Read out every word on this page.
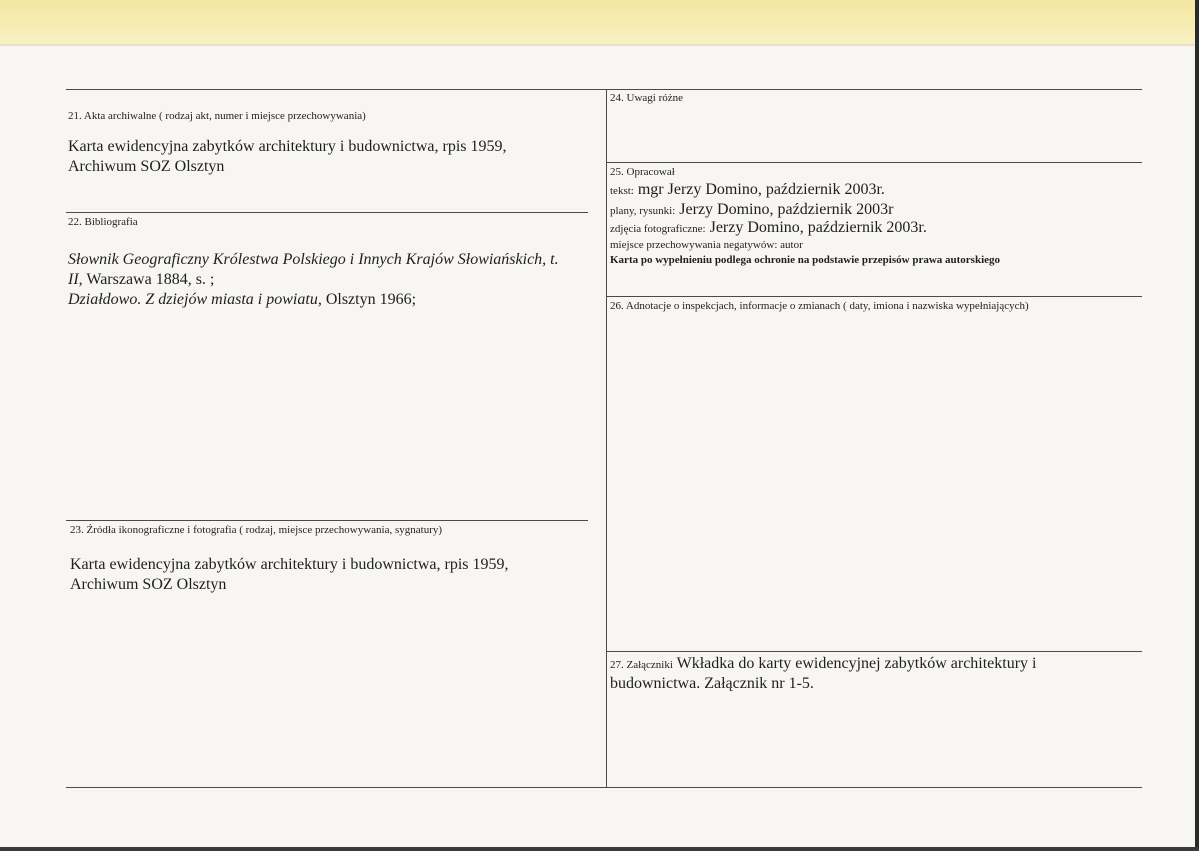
21. Akta archiwalne ( rodzaj akt, numer i miejsce przechowywania)
Karta ewidencyjna zabytków architektury i budownictwa, rpis 1959,
Archiwum SOZ Olsztyn
22. Bibliografia
Słownik Geograficzny Królestwa Polskiego i Innych Krajów Słowiańskich, t.
II, Warszawa 1884, s. ;
Działdowo. Z dziejów miasta i powiatu, Olsztyn 1966;
23. Źródła ikonograficzne i fotografia ( rodzaj, miejsce przechowywania, sygnatury)
Karta ewidencyjna zabytków architektury i budownictwa, rpis 1959,
Archiwum SOZ Olsztyn
24. Uwagi różne
25. Opracował
tekst: mgr Jerzy Domino, październik 2003r.
plany, rysunki: Jerzy Domino, październik 2003r
zdjęcia fotograficzne: Jerzy Domino, październik 2003r.
miejsce przechowywania negatywów: autor
Karta po wypełnieniu podlega ochronie na podstawie przepisów prawa autorskiego
26. Adnotacje o inspekcjach, informacje o zmianach ( daty, imiona i nazwiska wypełniających)
27. Załączniki Wkładka do karty ewidencyjnej zabytków architektury i
budownictwa. Załącznik nr 1-5.
